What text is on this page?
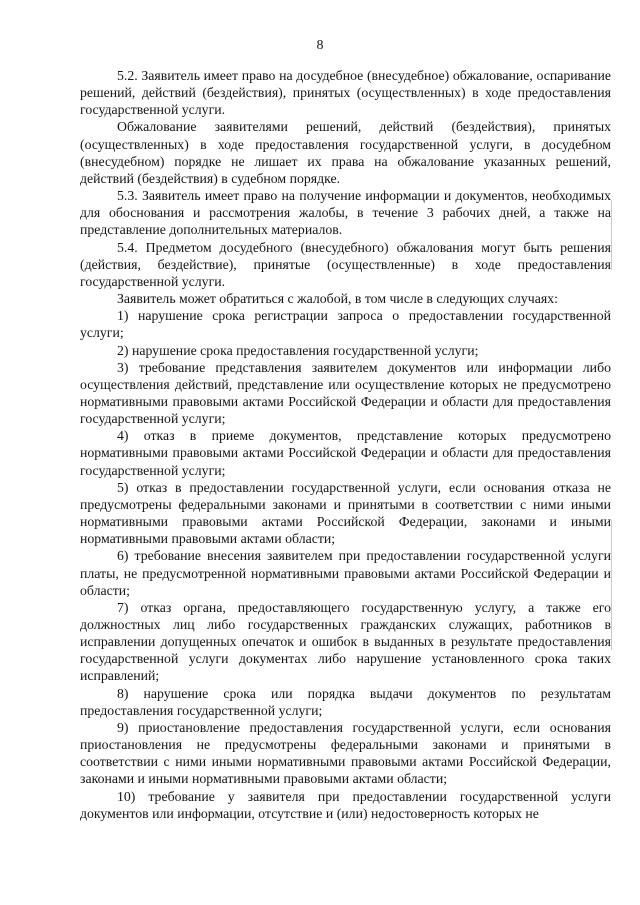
8

5.2. Заявитель имеет право на досудебное (внесудебное) обжалование, оспаривание решений, действий (бездействия), принятых (осуществленных) в ходе предоставления государственной услуги.

Обжалование заявителями решений, действий (бездействия), принятых (осуществленных) в ходе предоставления государственной услуги, в досудебном (внесудебном) порядке не лишает их права на обжалование указанных решений, действий (бездействия) в судебном порядке.

5.3. Заявитель имеет право на получение информации и документов, необходимых для обоснования и рассмотрения жалобы, в течение 3 рабочих дней, а также на представление дополнительных материалов.

5.4. Предметом досудебного (внесудебного) обжалования могут быть решения (действия, бездействие), принятые (осуществленные) в ходе предоставления государственной услуги.

Заявитель может обратиться с жалобой, в том числе в следующих случаях:

1) нарушение срока регистрации запроса о предоставлении государственной услуги;

2) нарушение срока предоставления государственной услуги;

3) требование представления заявителем документов или информации либо осуществления действий, представление или осуществление которых не предусмотрено нормативными правовыми актами Российской Федерации и области для предоставления государственной услуги;

4) отказ в приеме документов, представление которых предусмотрено нормативными правовыми актами Российской Федерации и области для предоставления государственной услуги;

5) отказ в предоставлении государственной услуги, если основания отказа не предусмотрены федеральными законами и принятыми в соответствии с ними иными нормативными правовыми актами Российской Федерации, законами и иными нормативными правовыми актами области;

6) требование внесения заявителем при предоставлении государственной услуги платы, не предусмотренной нормативными правовыми актами Российской Федерации и области;

7) отказ органа, предоставляющего государственную услугу, а также его должностных лиц либо государственных гражданских служащих, работников в исправлении допущенных опечаток и ошибок в выданных в результате предоставления государственной услуги документах либо нарушение установленного срока таких исправлений;

8) нарушение срока или порядка выдачи документов по результатам предоставления государственной услуги;

9) приостановление предоставления государственной услуги, если основания приостановления не предусмотрены федеральными законами и принятыми в соответствии с ними иными нормативными правовыми актами Российской Федерации, законами и иными нормативными правовыми актами области;

10) требование у заявителя при предоставлении государственной услуги документов или информации, отсутствие и (или) недостоверность которых не
